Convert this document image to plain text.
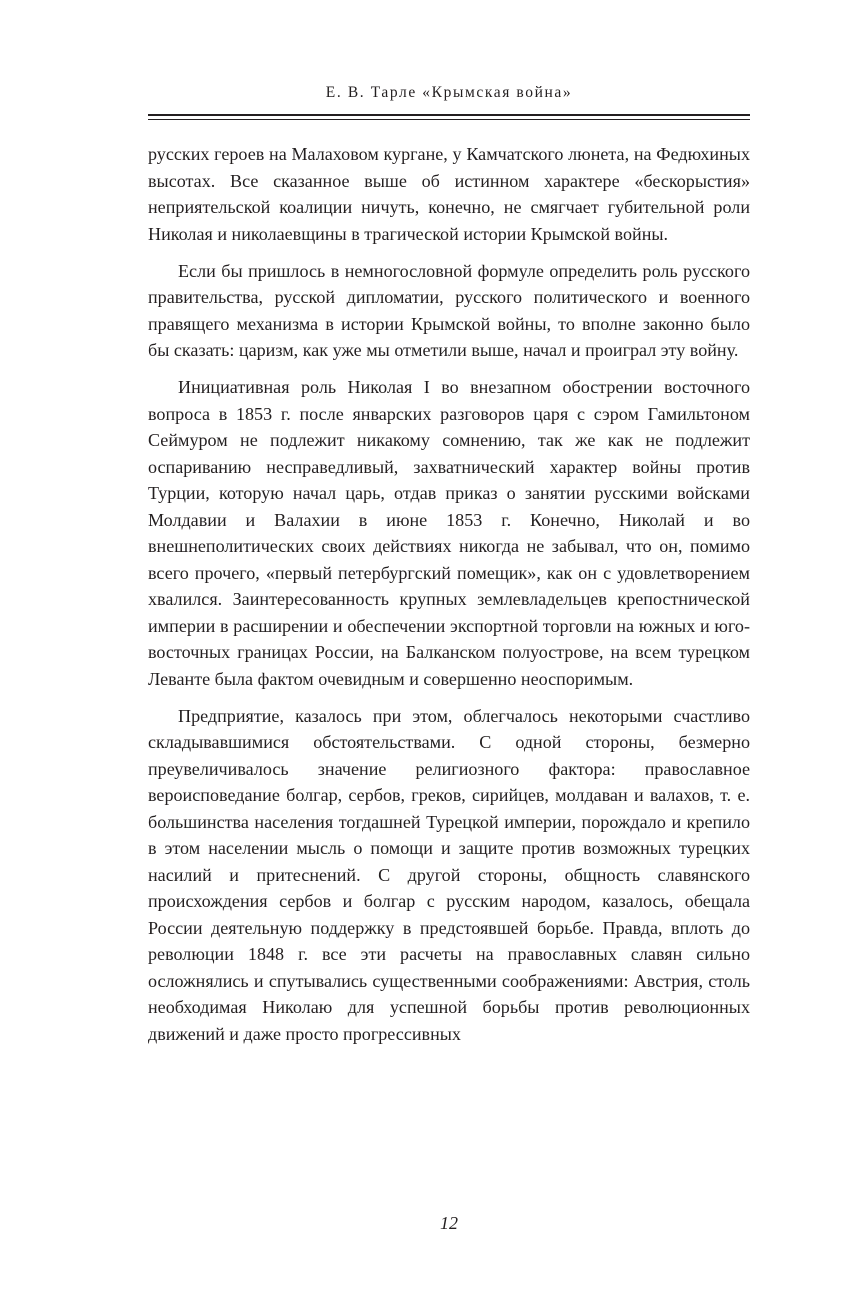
Е. В. Тарле «Крымская война»

русских героев на Малаховом кургане, у Камчатского люнета, на Федюхиных высотах. Все сказанное выше об истинном характере «бескорыстия» неприятельской коалиции ничуть, конечно, не смягчает губительной роли Николая и николаевщины в трагической истории Крымской войны.

Если бы пришлось в немногословной формуле определить роль русского правительства, русской дипломатии, русского политического и военного правящего механизма в истории Крымской войны, то вполне законно было бы сказать: царизм, как уже мы отметили выше, начал и проиграл эту войну.

Инициативная роль Николая I во внезапном обострении восточного вопроса в 1853 г. после январских разговоров царя с сэром Гамильтоном Сеймуром не подлежит никакому сомнению, так же как не подлежит оспариванию несправедливый, захватнический характер войны против Турции, которую начал царь, отдав приказ о занятии русскими войсками Молдавии и Валахии в июне 1853 г. Конечно, Николай и во внешнеполитических своих действиях никогда не забывал, что он, помимо всего прочего, «первый петербургский помещик», как он с удовлетворением хвалился. Заинтересованность крупных землевладельцев крепостнической империи в расширении и обеспечении экспортной торговли на южных и юго-восточных границах России, на Балканском полуострове, на всем турецком Леванте была фактом очевидным и совершенно неоспоримым.

Предприятие, казалось при этом, облегчалось некоторыми счастливо складывавшимися обстоятельствами. С одной стороны, безмерно преувеличивалось значение религиозного фактора: православное вероисповедание болгар, сербов, греков, сирийцев, молдаван и валахов, т. е. большинства населения тогдашней Турецкой империи, порождало и крепило в этом населении мысль о помощи и защите против возможных турецких насилий и притеснений. С другой стороны, общность славянского происхождения сербов и болгар с русским народом, казалось, обещала России деятельную поддержку в предстоявшей борьбе. Правда, вплоть до революции 1848 г. все эти расчеты на православных славян сильно осложнялись и спутывались существенными соображениями: Австрия, столь необходимая Николаю для успешной борьбы против революционных движений и даже просто прогрессивных

12
